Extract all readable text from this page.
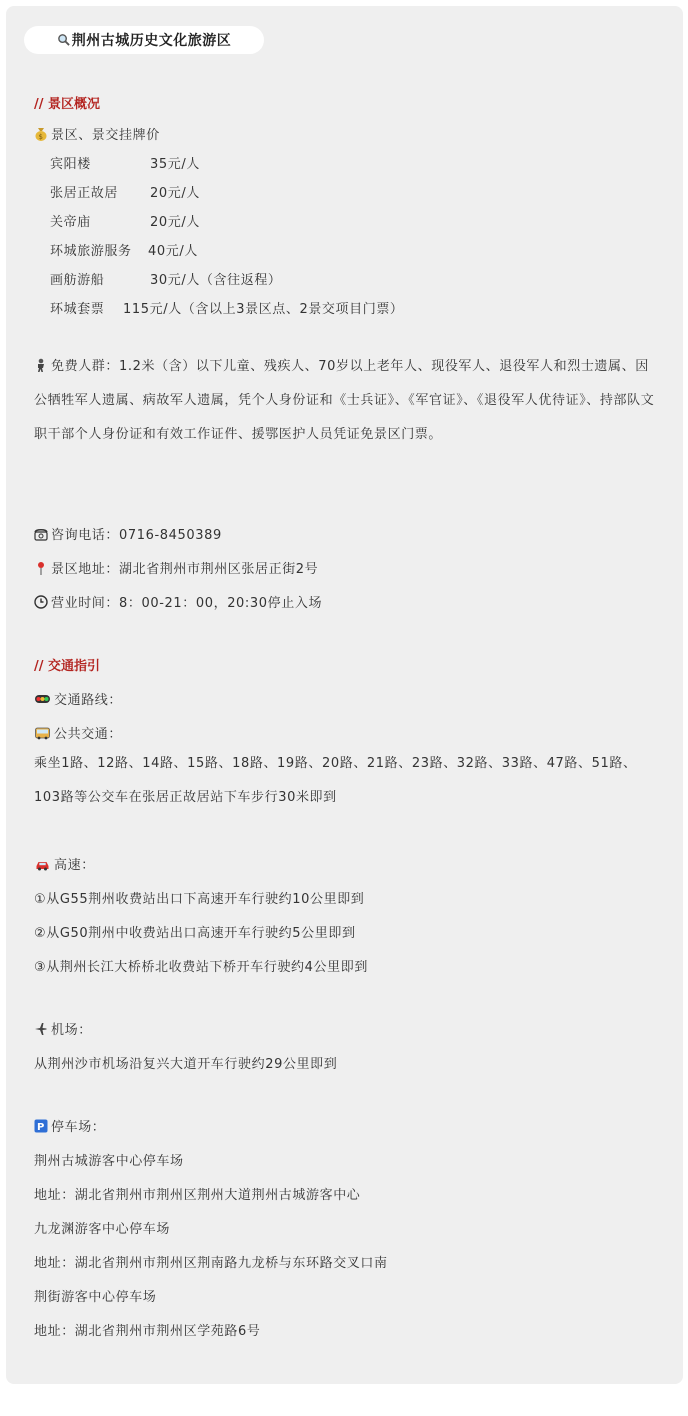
荆州古城历史文化旅游区
// 景区概况
$ 景区、景交挂牌价
宾阳楼	35元/人
张居正故居 20元/人
关帝庙	20元/人
环城旅游服务 40元/人
画舫游船	30元/人（含往返程）
环城套票 115元/人（含以上3景区点、2景交项目门票）
免费人群：1.2米（含）以下儿童、残疾人、70岁以上老年人、现役军人、退役军人和烈士遗属、因公牺牲军人遗属、病故军人遗属，凭个人身份证和《士兵证》、《军官证》、《退役军人优待证》、持部队文职干部个人身份证和有效工作证件、援鄂医护人员凭证免景区门票。
咨询电话：0716-8450389
景区地址：湖北省荆州市荆州区张居正街2号
营业时间：8：00-21：00，20:30停止入场
// 交通指引
交通路线：
公共交通：
乘坐1路、12路、14路、15路、18路、19路、20路、21路、23路、32路、33路、47路、51路、103路等公交车在张居正故居站下车步行30米即到
高速：
①从G55荆州收费站出口下高速开车行驶约10公里即到
②从G50荆州中收费站出口高速开车行驶约5公里即到
③从荆州长江大桥桥北收费站下桥开车行驶约4公里即到
机场：
从荆州沙市机场沿复兴大道开车行驶约29公里即到
P 停车场：
荆州古城游客中心停车场
地址：湖北省荆州市荆州区荆州大道荆州古城游客中心
九龙渊游客中心停车场
地址：湖北省荆州市荆州区荆南路九龙桥与东环路交叉口南
荆街游客中心停车场
地址：湖北省荆州市荆州区学苑路6号
